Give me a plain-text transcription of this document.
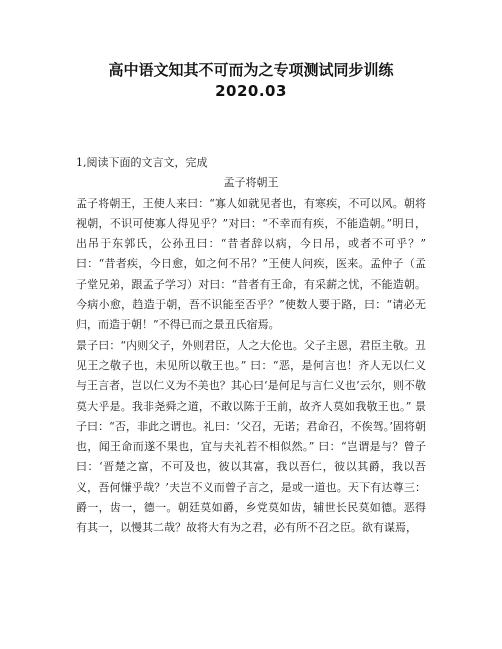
高中语文知其不可而为之专项测试同步训练
2020.03

1,阅读下面的文言文，完成

孟子将朝王

孟子将朝王，王使人来曰：“寡人如就见者也，有寒疾，不可以风。朝将视朝，不识可使寡人得见乎？”对曰：“不幸而有疾，不能造朝。”明日，出吊于东郭氏，公孙丑曰：“昔者辞以病，今日吊，或者不可乎？” 曰：“昔者疾，今日愈，如之何不吊？”王使人问疾，医来。孟仲子（孟子堂兄弟，跟孟子学习）对曰：“昔者有王命，有采薪之忧，不能造朝。今病小愈，趋造于朝，吾不识能至否乎？”使数人要于路，曰：“请必无归，而造于朝！”不得已而之景丑氏宿焉。

景子曰：“内则父子，外则君臣，人之大伦也。父子主恩，君臣主敬。丑见王之敬子也，未见所以敬王也。” 曰：“恶，是何言也！齐人无以仁义与王言者，岂以仁义为不美也？其心曰‘是何足与言仁义也’云尔，则不敬莫大乎是。我非尧舜之道，不敢以陈于王前，故齐人莫如我敬王也。” 景子曰：“否，非此之谓也。礼曰：‘父召，无诺；君命召，不俟驾。’固将朝也，闻王命而遂不果也，宜与夫礼若不相似然。” 曰：“岂谓是与？曾子曰：‘晋楚之富，不可及也，彼以其富，我以吾仁，彼以其爵，我以吾义，吾何慊乎哉？’夫岂不义而曾子言之，是或一道也。天下有达尊三：爵一，齿一，德一。朝廷莫如爵，乡党莫如齿，辅世长民莫如德。恶得有其一，以慢其二哉？故将大有为之君，必有所不召之臣。欲有谋焉，
